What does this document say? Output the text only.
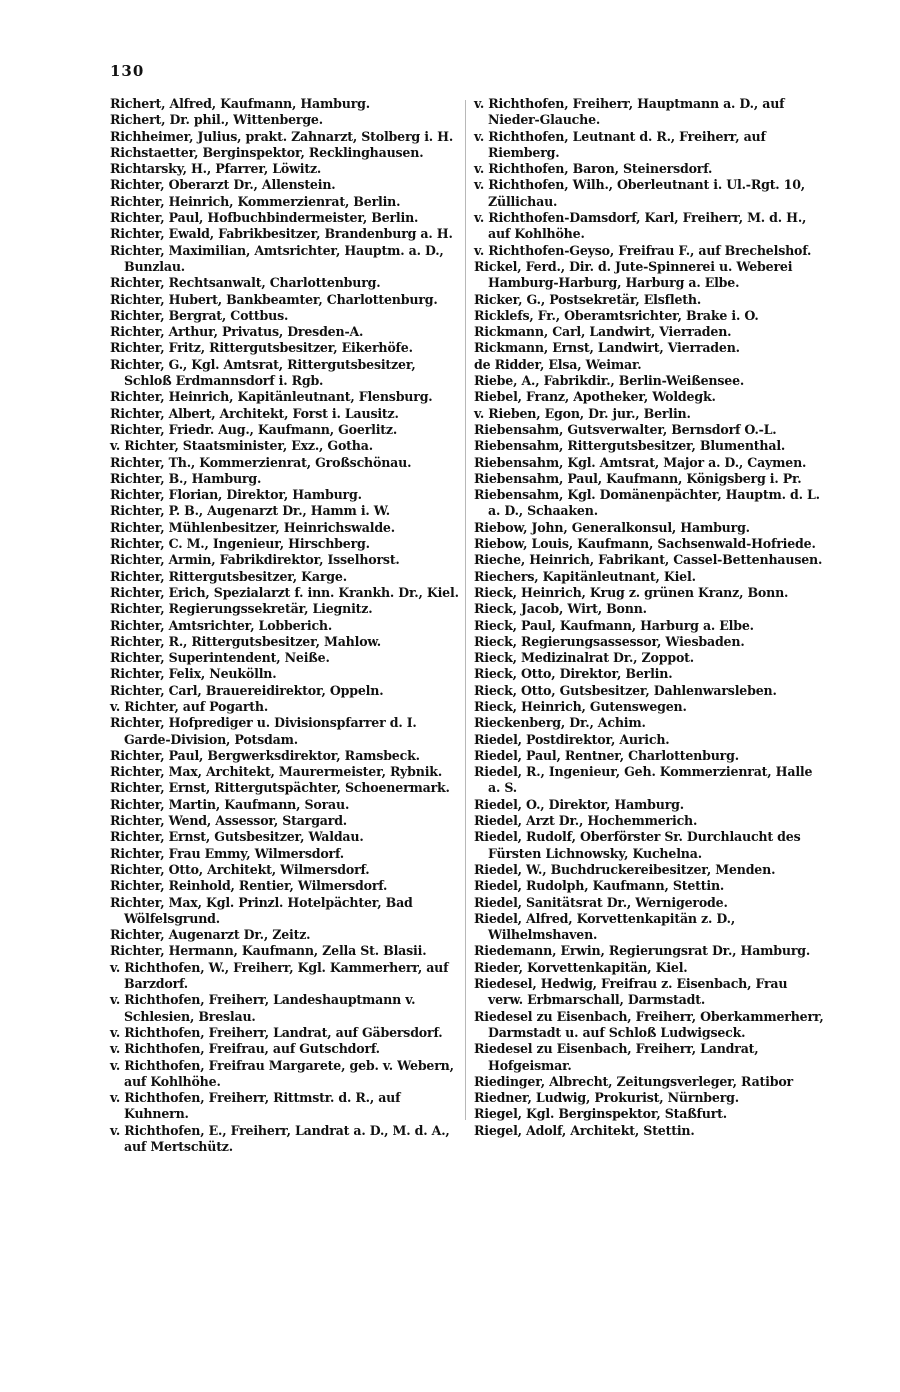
130
Richert, Alfred, Kaufmann, Hamburg.
Richert, Dr. phil., Wittenberge.
Richheimer, Julius, prakt. Zahnarzt, Stolberg i. H.
Richstaetter, Berginspektor, Recklinghausen.
Richtarsky, H., Pfarrer, Löwitz.
Richter, Oberarzt Dr., Allenstein.
Richter, Heinrich, Kommerzienrat, Berlin.
Richter, Paul, Hofbuchbindermeister, Berlin.
Richter, Ewald, Fabrikbesitzer, Brandenburg a. H.
Richter, Maximilian, Amtsrichter, Hauptm. a. D., Bunzlau.
Richter, Rechtsanwalt, Charlottenburg.
Richter, Hubert, Bankbeamter, Charlottenburg.
Richter, Bergrat, Cottbus.
Richter, Arthur, Privatus, Dresden-A.
Richter, Fritz, Rittergutsbesitzer, Eikerhöfe.
Richter, G., Kgl. Amtsrat, Rittergutsbesitzer, Schloß Erdmannsdorf i. Rgb.
Richter, Heinrich, Kapitänleutnant, Flensburg.
Richter, Albert, Architekt, Forst i. Lausitz.
Richter, Friedr. Aug., Kaufmann, Goerlitz.
v. Richter, Staatsminister, Exz., Gotha.
Richter, Th., Kommerzienrat, Großschönau.
Richter, B., Hamburg.
Richter, Florian, Direktor, Hamburg.
Richter, P. B., Augenarzt Dr., Hamm i. W.
Richter, Mühlenbesitzer, Heinrichswalde.
Richter, C. M., Ingenieur, Hirschberg.
Richter, Armin, Fabrikdirektor, Isselhorst.
Richter, Rittergutsbesitzer, Karge.
Richter, Erich, Spezialarzt f. inn. Krankh. Dr., Kiel.
Richter, Regierungssekretär, Liegnitz.
Richter, Amtsrichter, Lobberich.
Richter, R., Rittergutsbesitzer, Mahlow.
Richter, Superintendent, Neiße.
Richter, Felix, Neukölln.
Richter, Carl, Brauereidirektor, Oppeln.
v. Richter, auf Pogarth.
Richter, Hofprediger u. Divisionspfarrer d. I. Garde-Division, Potsdam.
Richter, Paul, Bergwerksdirektor, Ramsbeck.
Richter, Max, Architekt, Maurermeister, Rybnik.
Richter, Ernst, Rittergutspächter, Schoenermark.
Richter, Martin, Kaufmann, Sorau.
Richter, Wend, Assessor, Stargard.
Richter, Ernst, Gutsbesitzer, Waldau.
Richter, Frau Emmy, Wilmersdorf.
Richter, Otto, Architekt, Wilmersdorf.
Richter, Reinhold, Rentier, Wilmersdorf.
Richter, Max, Kgl. Prinzl. Hotelpächter, Bad Wölfelsgrund.
Richter, Augenarzt Dr., Zeitz.
Richter, Hermann, Kaufmann, Zella St. Blasii.
v. Richthofen, W., Freiherr, Kgl. Kammerherr, auf Barzdorf.
v. Richthofen, Freiherr, Landeshauptmann v. Schlesien, Breslau.
v. Richthofen, Freiherr, Landrat, auf Gäbersdorf.
v. Richthofen, Freifrau, auf Gutschdorf.
v. Richthofen, Freifrau Margarete, geb. v. Webern, auf Kohlhöhe.
v. Richthofen, Freiherr, Rittmstr. d. R., auf Kuhnern.
v. Richthofen, E., Freiherr, Landrat a. D., M. d. A., auf Mertschütz.
v. Richthofen, Freiherr, Hauptmann a. D., auf Nieder-Glauche.
v. Richthofen, Leutnant d. R., Freiherr, auf Riemberg.
v. Richthofen, Baron, Steinersdorf.
v. Richthofen, Wilh., Oberleutnant i. Ul.-Rgt. 10, Züllichau.
v. Richthofen-Damsdorf, Karl, Freiherr, M. d. H., auf Kohlhöhe.
v. Richthofen-Geyso, Freifrau F., auf Brechelshof.
Rickel, Ferd., Dir. d. Jute-Spinnerei u. Weberei Hamburg-Harburg, Harburg a. Elbe.
Ricker, G., Postsekretär, Elsfleth.
Ricklefs, Fr., Oberamtsrichter, Brake i. O.
Rickmann, Carl, Landwirt, Vierraden.
Rickmann, Ernst, Landwirt, Vierraden.
de Ridder, Elsa, Weimar.
Riebe, A., Fabrikdir., Berlin-Weißensee.
Riebel, Franz, Apotheker, Woldegk.
v. Rieben, Egon, Dr. jur., Berlin.
Riebensahm, Gutsverwalter, Bernsdorf O.-L.
Riebensahm, Rittergutsbesitzer, Blumenthal.
Riebensahm, Kgl. Amtsrat, Major a. D., Caymen.
Riebensahm, Paul, Kaufmann, Königsberg i. Pr.
Riebensahm, Kgl. Domänenpächter, Hauptm. d. L. a. D., Schaaken.
Riebow, John, Generalkonsul, Hamburg.
Riebow, Louis, Kaufmann, Sachsenwald-Hofriede.
Rieche, Heinrich, Fabrikant, Cassel-Bettenhausen.
Riechers, Kapitänleutnant, Kiel.
Rieck, Heinrich, Krug z. grünen Kranz, Bonn.
Rieck, Jacob, Wirt, Bonn.
Rieck, Paul, Kaufmann, Harburg a. Elbe.
Rieck, Regierungsassessor, Wiesbaden.
Rieck, Medizinalrat Dr., Zoppot.
Rieck, Otto, Direktor, Berlin.
Rieck, Otto, Gutsbesitzer, Dahlenwarsleben.
Rieck, Heinrich, Gutenswegen.
Rieckenberg, Dr., Achim.
Riedel, Postdirektor, Aurich.
Riedel, Paul, Rentner, Charlottenburg.
Riedel, R., Ingenieur, Geh. Kommerzienrat, Halle a. S.
Riedel, O., Direktor, Hamburg.
Riedel, Arzt Dr., Hochemmerich.
Riedel, Rudolf, Oberförster Sr. Durchlaucht des Fürsten Lichnowsky, Kuchelna.
Riedel, W., Buchdruckereibesitzer, Menden.
Riedel, Rudolph, Kaufmann, Stettin.
Riedel, Sanitätsrat Dr., Wernigerode.
Riedel, Alfred, Korvettenkapitän z. D., Wilhelmshaven.
Riedemann, Erwin, Regierungsrat Dr., Hamburg.
Rieder, Korvettenkapitän, Kiel.
Riedesel, Hedwig, Freifrau z. Eisenbach, Frau verw. Erbmarschall, Darmstadt.
Riedesel zu Eisenbach, Freiherr, Oberkammerherr, Darmstadt u. auf Schloß Ludwigseck.
Riedesel zu Eisenbach, Freiherr, Landrat, Hofgeismar.
Riedinger, Albrecht, Zeitungsverleger, Ratibor
Riedner, Ludwig, Prokurist, Nürnberg.
Riegel, Kgl. Berginspektor, Staßfurt.
Riegel, Adolf, Architekt, Stettin.
